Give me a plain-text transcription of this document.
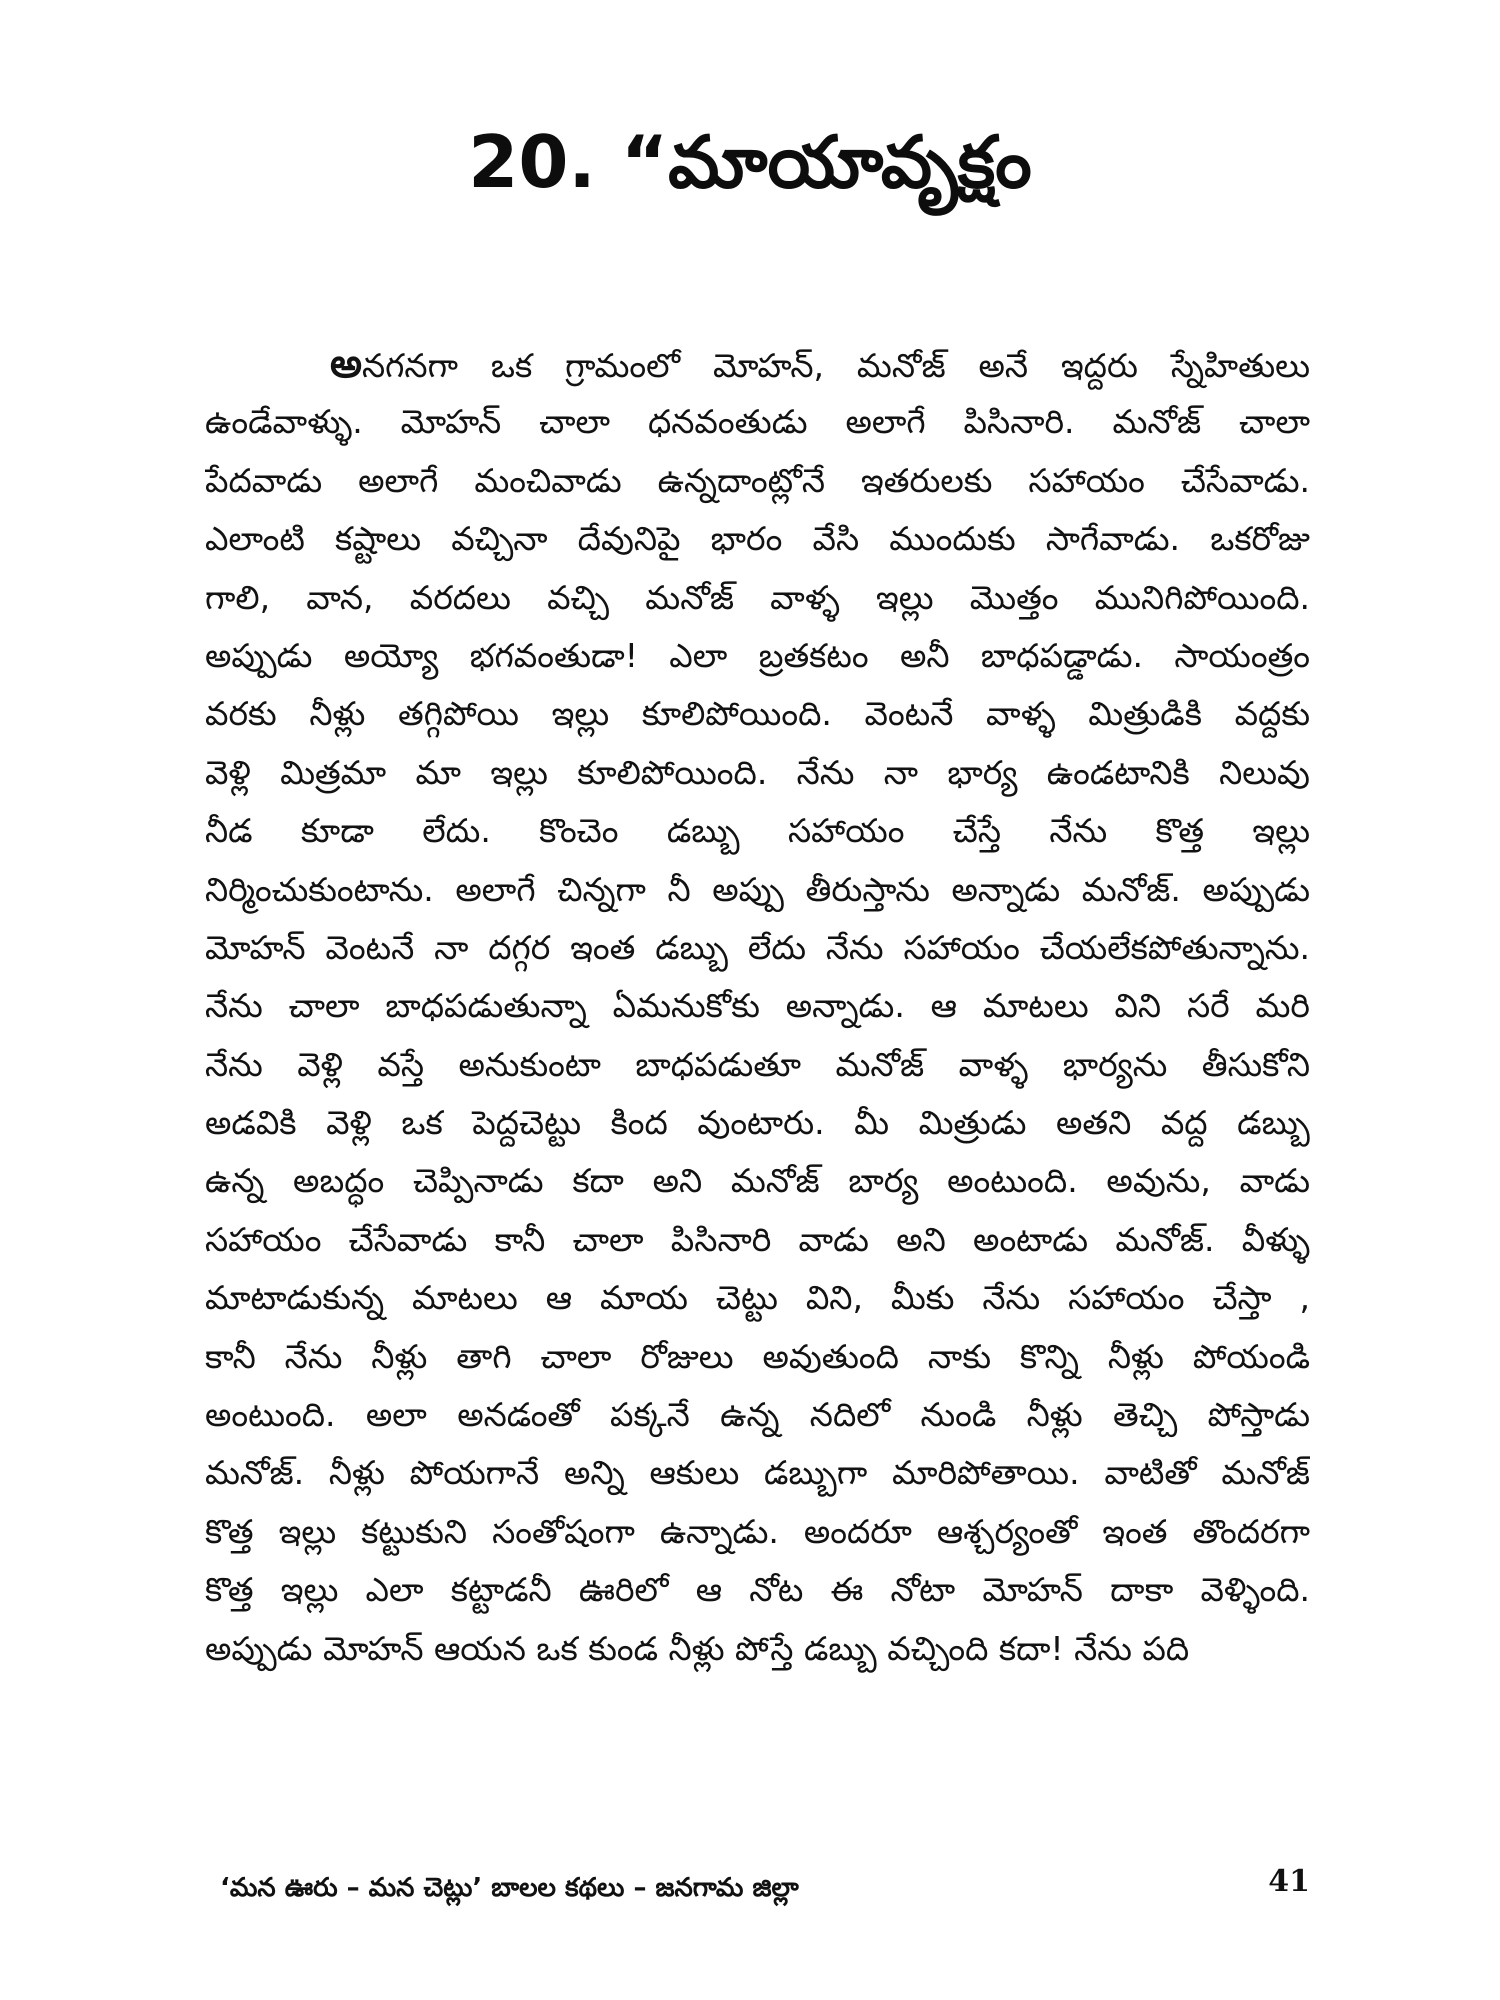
20. “మాయావృక్షం
అనగనగా ఒక గ్రామంలో మోహన్, మనోజ్ అనే ఇద్దరు స్నేహితులు
ఉండేవాళ్ళు. మోహన్ చాలా ధనవంతుడు అలాగే పిసినారి. మనోజ్ చాలా
పేదవాడు అలాగే మంచివాడు ఉన్నదాంట్లోనే ఇతరులకు సహాయం చేసేవాడు.
ఎలాంటి కష్టాలు వచ్చినా దేవునిపై భారం వేసి ముందుకు సాగేవాడు. ఒకరోజు
గాలి, వాన, వరదలు వచ్చి మనోజ్ వాళ్ళ ఇల్లు మొత్తం మునిగిపోయింది.
అప్పుడు అయ్యో భగవంతుడా! ఎలా బ్రతకటం అనీ బాధపడ్డాడు. సాయంత్రం
వరకు నీళ్లు తగ్గిపోయి ఇల్లు కూలిపోయింది. వెంటనే వాళ్ళ మిత్రుడికి వద్దకు
వెళ్లి మిత్రమా మా ఇల్లు కూలిపోయింది. నేను నా భార్య ఉండటానికి నిలువు
నీడ కూడా లేదు. కొంచెం డబ్బు సహాయం చేస్తే నేను కొత్త ఇల్లు
నిర్మించుకుంటాను. అలాగే చిన్నగా నీ అప్పు తీరుస్తాను అన్నాడు మనోజ్. అప్పుడు
మోహన్ వెంటనే నా దగ్గర ఇంత డబ్బు లేదు నేను సహాయం చేయలేకపోతున్నాను.
నేను చాలా బాధపడుతున్నా ఏమనుకోకు అన్నాడు. ఆ మాటలు విని సరే మరి
నేను వెళ్లి వస్తే అనుకుంటా బాధపడుతూ మనోజ్ వాళ్ళ భార్యను తీసుకోని
అడవికి వెళ్లి ఒక పెద్దచెట్టు కింద వుంటారు. మీ మిత్రుడు అతని వద్ద డబ్బు
ఉన్న అబద్ధం చెప్పినాడు కదా అని మనోజ్ బార్య అంటుంది. అవును, వాడు
సహాయం చేసేవాడు కానీ చాలా పిసినారి వాడు అని అంటాడు మనోజ్. వీళ్ళు
మాటాడుకున్న మాటలు ఆ మాయ చెట్టు విని, మీకు నేను సహాయం చేస్తా ,
కానీ నేను నీళ్లు తాగి చాలా రోజులు అవుతుంది నాకు కొన్ని నీళ్లు పోయండి
అంటుంది. అలా అనడంతో పక్కనే ఉన్న నదిలో నుండి నీళ్లు తెచ్చి పోస్తాడు
మనోజ్. నీళ్లు పోయగానే అన్ని ఆకులు డబ్బుగా మారిపోతాయి. వాటితో మనోజ్
కొత్త ఇల్లు కట్టుకుని సంతోషంగా ఉన్నాడు. అందరూ ఆశ్చర్యంతో ఇంత తొందరగా
కొత్త ఇల్లు ఎలా కట్టాడనీ ఊరిలో ఆ నోట ఈ నోటా మోహన్ దాకా వెళ్ళింది.
అప్పుడు మోహన్ ఆయన ఒక కుండ నీళ్లు పోస్తే డబ్బు వచ్చింది కదా! నేను పది
‘మన ఊరు – మన చెట్లు’ బాలల కథలు – జనగామ జిల్లా	41
